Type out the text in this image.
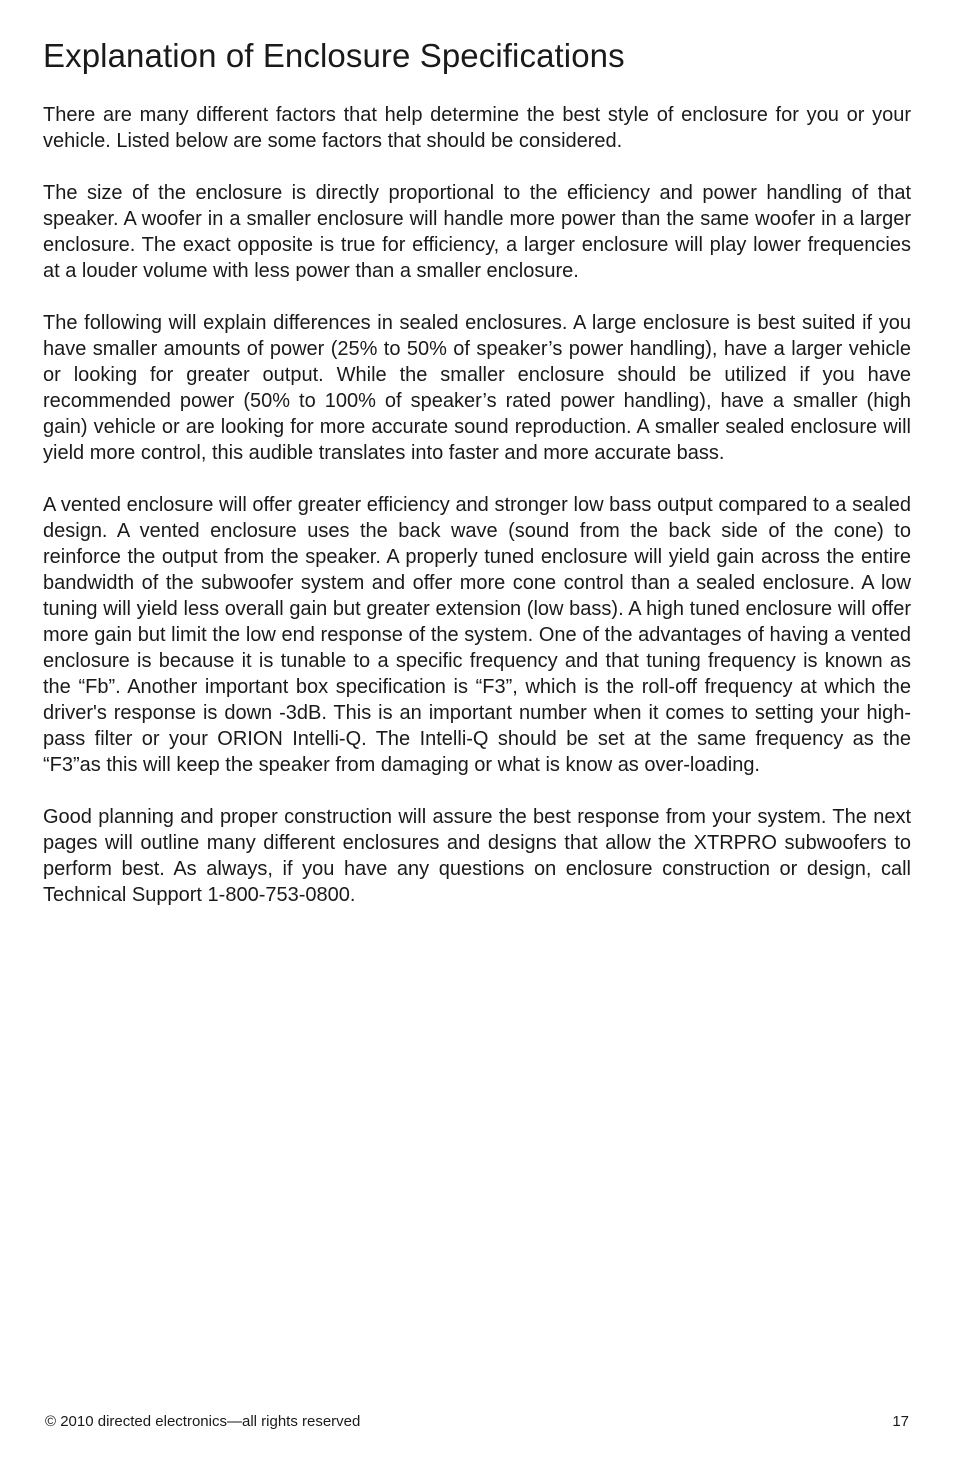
Explanation of Enclosure Specifications

There are many different factors that help determine the best style of enclosure for you or your vehicle. Listed below are some factors that should be considered.

The size of the enclosure is directly proportional to the efficiency and power handling of that speaker. A woofer in a smaller enclosure will handle more power than the same woofer in a larger enclosure. The exact opposite is true for efficiency, a larger enclosure will play lower frequencies at a louder volume with less power than a smaller enclosure.

The following will explain differences in sealed enclosures. A large enclosure is best suited if you have smaller amounts of power (25% to 50% of speaker’s power handling), have a larger vehicle or looking for greater output. While the smaller enclosure should be utilized if you have recommended power (50% to 100% of speaker’s rated power handling), have a smaller (high gain) vehicle or are looking for more accurate sound reproduction. A smaller sealed enclosure will yield more control, this audible translates into faster and more accurate bass.

A vented enclosure will offer greater efficiency and stronger low bass output compared to a sealed design. A vented enclosure uses the back wave (sound from the back side of the cone) to reinforce the output from the speaker. A properly tuned enclosure will yield gain across the entire bandwidth of the subwoofer system and offer more cone control than a sealed enclosure. A low tuning will yield less overall gain but greater extension (low bass). A high tuned enclosure will offer more gain but limit the low end response of the system. One of the advantages of having a vented enclosure is because it is tunable to a specific frequency and that tuning frequency is known as the “Fb”. Another important box specification is “F3”, which is the roll-off frequency at which the driver's response is down -3dB. This is an important number when it comes to setting your high-pass filter or your ORION Intelli-Q. The Intelli-Q should be set at the same frequency as the “F3”as this will keep the speaker from damaging or what is know as over-loading.

Good planning and proper construction will assure the best response from your system. The next pages will outline many different enclosures and designs that allow the XTRPRO subwoofers to perform best. As always, if you have any questions on enclosure construction or design, call Technical Support 1-800-753-0800.

© 2010 directed electronics—all rights reserved	17
